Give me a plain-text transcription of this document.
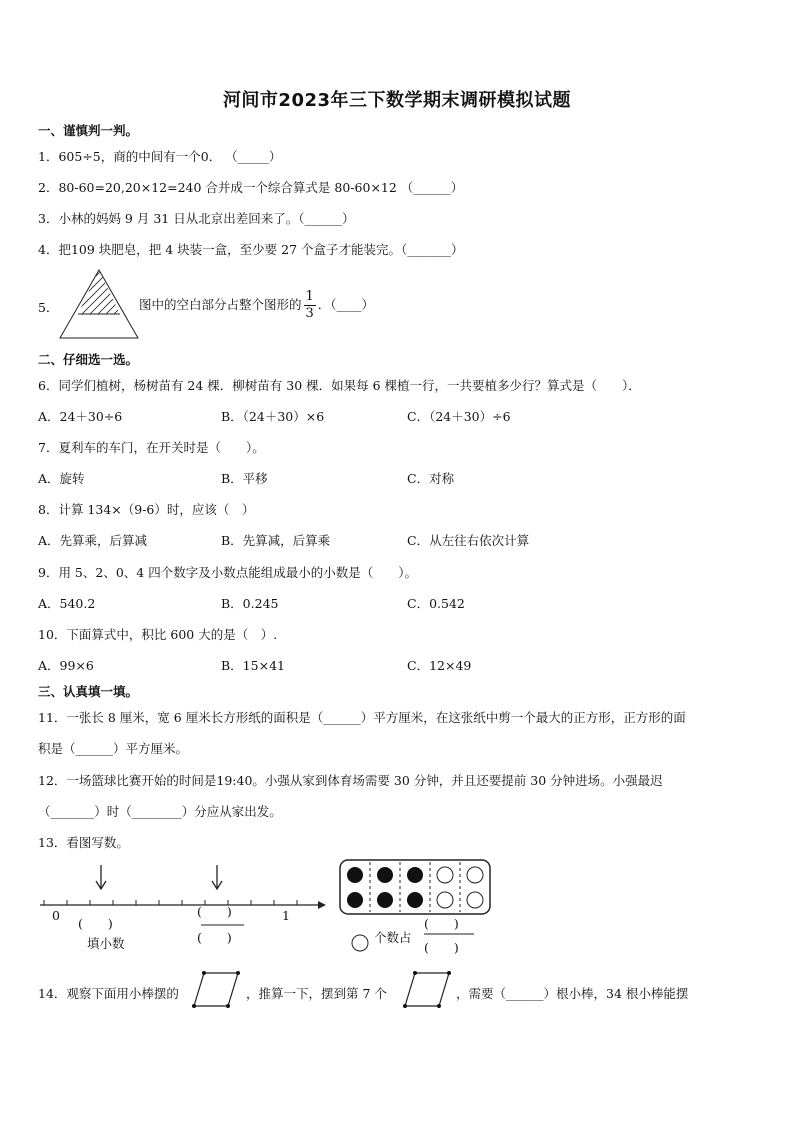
河间市2023年三下数学期末调研模拟试题
一、谨慎判一判。
1．605÷5，商的中间有一个0． （_____）
2．80-60=20,20×12=240 合并成一个综合算式是 80-60×12 （______）
3．小林的妈妈 9 月 31 日从北京出差回来了。（______）
4．把109 块肥皂，把 4 块装一盒，至少要 27 个盒子才能装完。（_______）
5．	图中的空白部分占整个图形的 $\frac{1}{3}$ ．（____）
二、仔细选一选。
6．同学们植树，杨树苗有 24 棵．柳树苗有 30 棵．如果每 6 棵植一行，一共要植多少行？算式是（　　）．
A．24＋30÷6	B．（24＋30）×6	C．（24＋30）÷6
7．夏利车的车门，在开关时是（　　）。
A．旋转	B．平移	C．对称
8．计算 134×（9-6）时，应该（　）
A．先算乘，后算减	B．先算减，后算乘	C．从左往右依次计算
9．用 5、2、0、4 四个数字及小数点能组成最小的小数是（　　）。
A．540.2	B．0.245	C．0.542
10．下面算式中，积比 600 大的是（　）.
A．99×6	B．15×41	C．12×49
三、认真填一填。
11．一张长 8 厘米，宽 6 厘米长方形纸的面积是（______）平方厘米，在这张纸中剪一个最大的正方形，正方形的面
积是（______）平方厘米。
12．一场篮球比赛开始的时间是19:40。小强从家到体育场需要 30 分钟，并且还要提前 30 分钟进场。小强最迟
（_______）时（________）分应从家出发。
13．看图写数。
0	1
(　　)
(　　)
(　　)
填小数	个数占
(　　)
(　　)
14．观察下面用小棒摆的	，推算一下，摆到第 7 个	，需要（______）根小棒，34 根小棒能摆
